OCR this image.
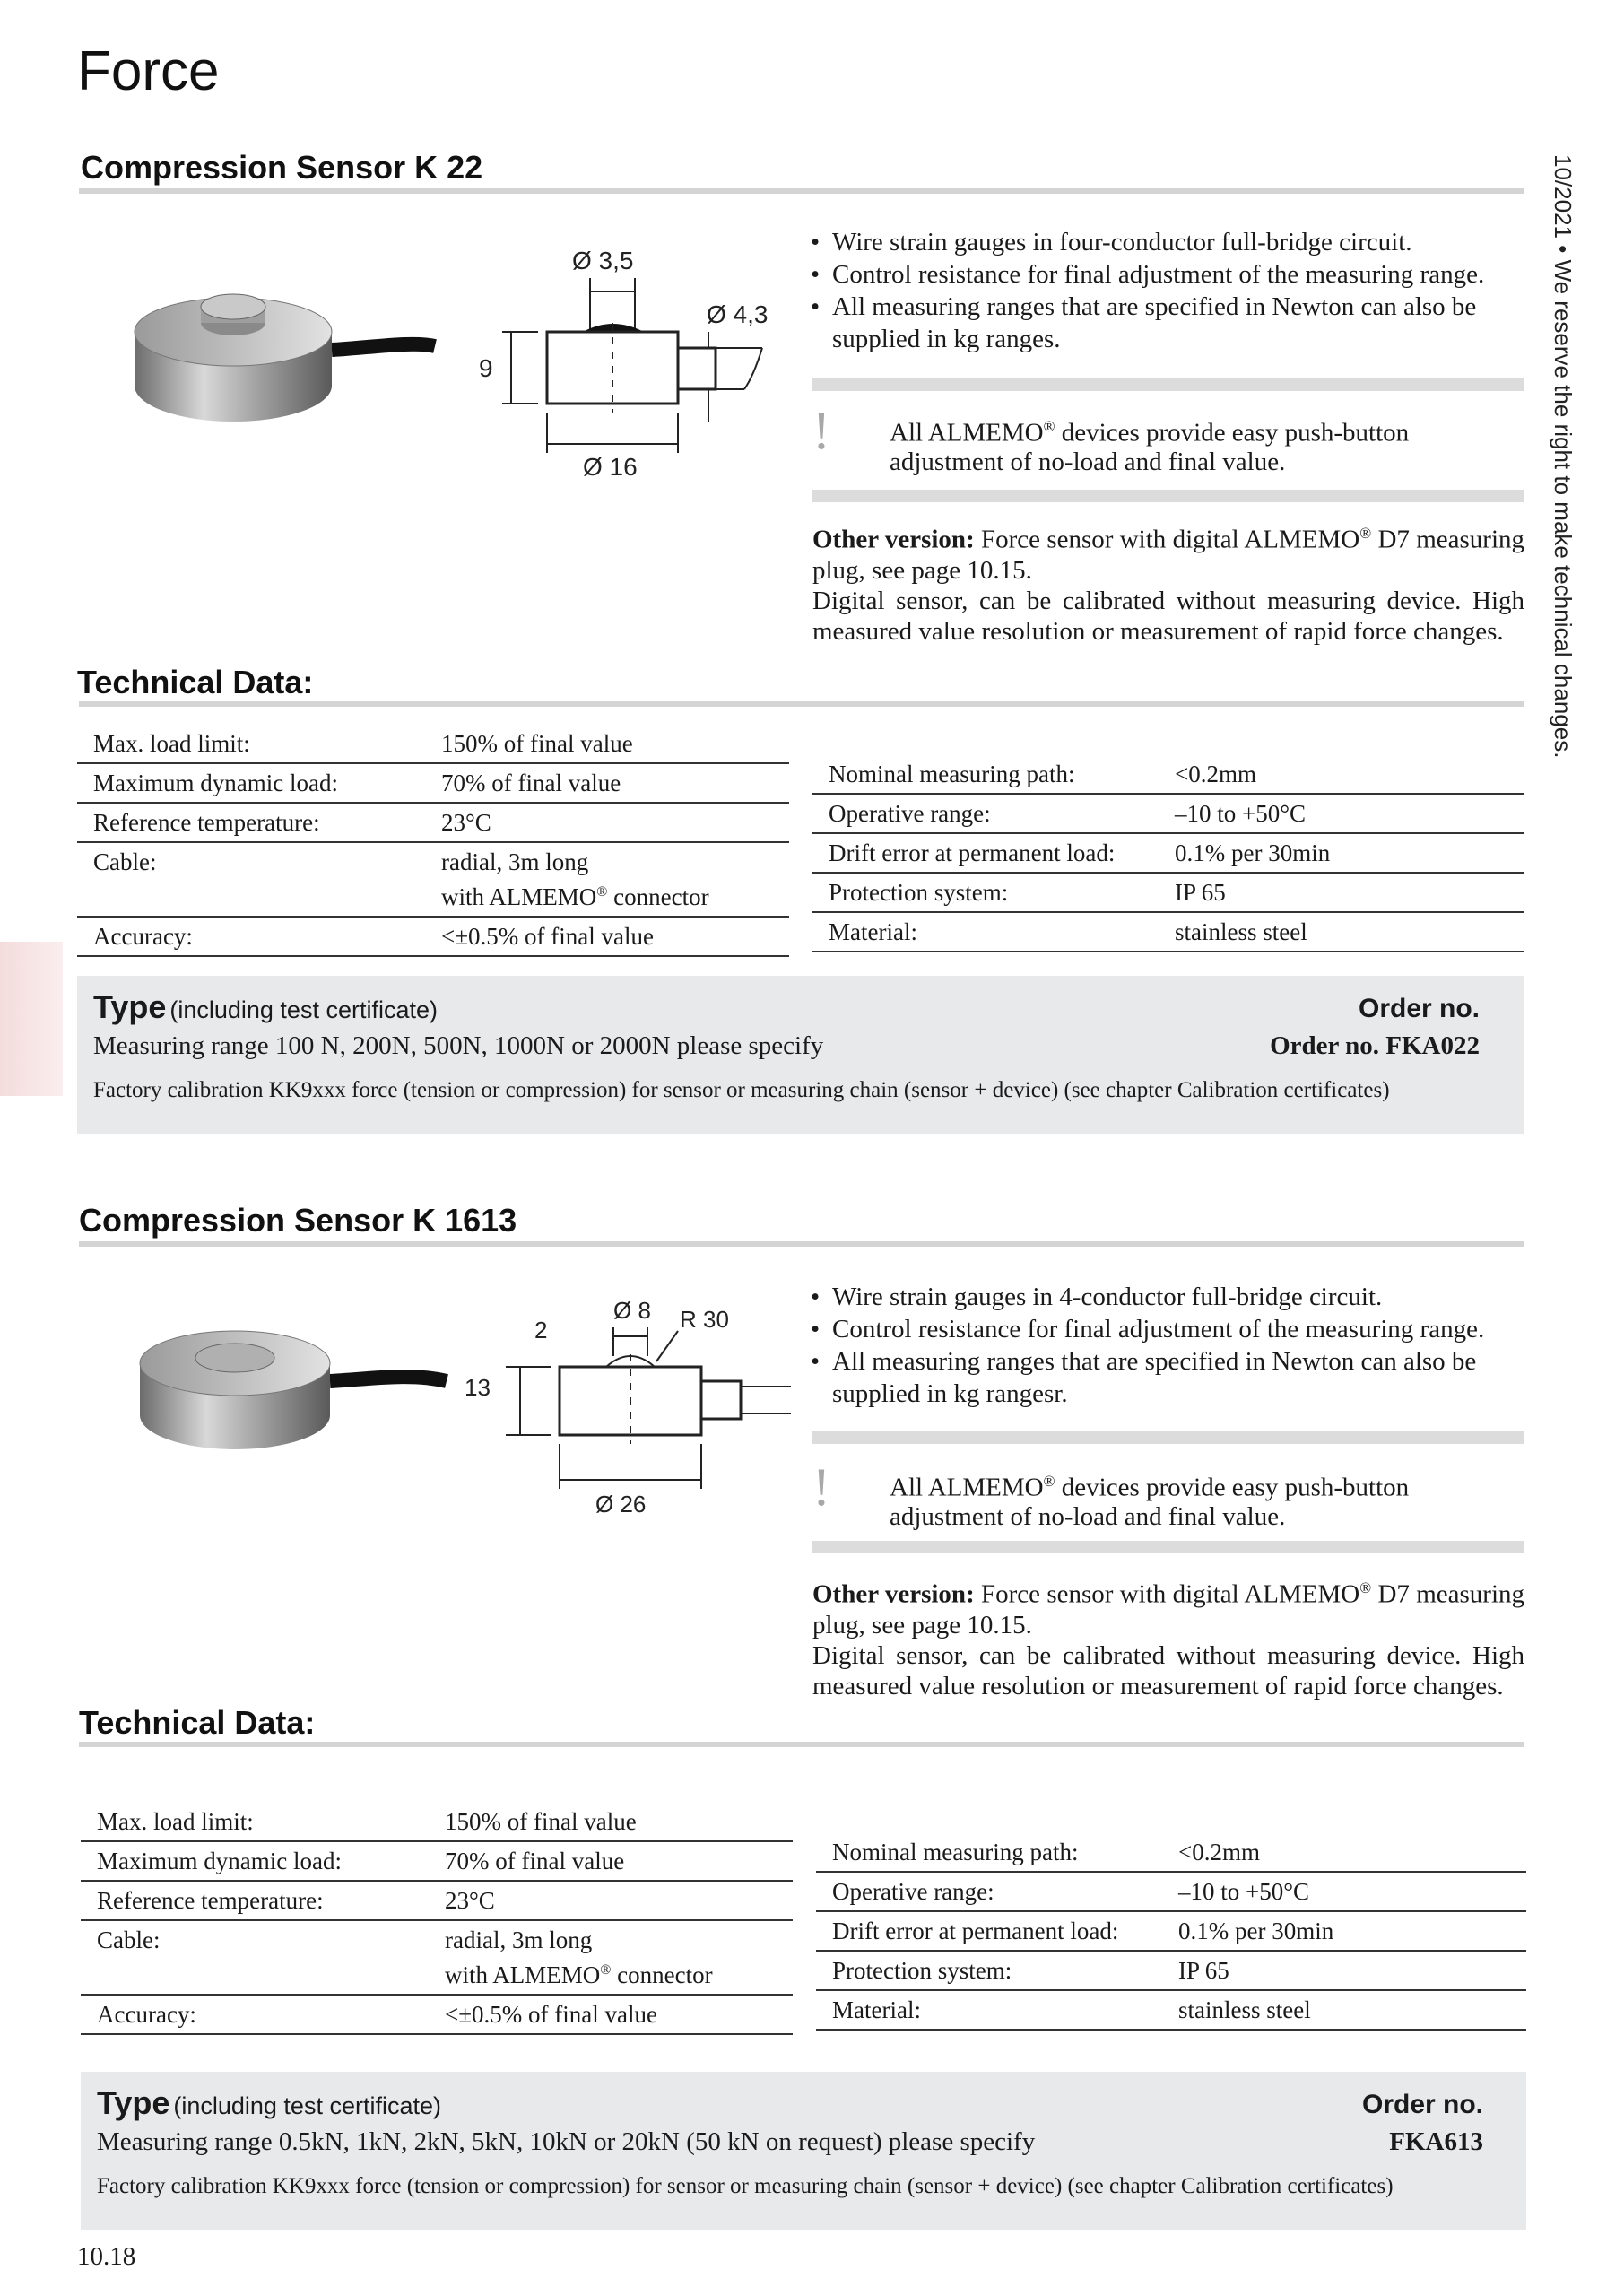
Force
10/2021 • We reserve the right to make technical changes.
Compression Sensor K 22
Ø 3,5
Ø 4,3
9
Ø 16
• Wire strain gauges in four-conductor full-bridge circuit.
• Control resistance for final adjustment of the measuring range.
• All measuring ranges that are specified in Newton can also be supplied in kg ranges.
! All ALMEMO® devices provide easy push-button adjustment of no-load and final value.
Other version: Force sensor with digital ALMEMO® D7 measuring plug, see page 10.15.
Digital sensor, can be calibrated without measuring device. High measured value resolution or measurement of rapid force changes.
Technical Data:
Max. load limit:	150% of final value
Maximum dynamic load:	70% of final value
Reference temperature:	23°C
Cable:	radial, 3m long
with ALMEMO® connector
Accuracy:	<±0.5% of final value
Nominal measuring path:	<0.2mm
Operative range:	–10 to +50°C
Drift error at permanent load:	0.1% per 30min
Protection system:	IP 65
Material:	stainless steel
Type (including test certificate)	Order no.
Measuring range 100 N, 200N, 500N, 1000N or 2000N please specify	Order no. FKA022
Factory calibration KK9xxx force (tension or compression) for sensor or measuring chain (sensor + device) (see chapter Calibration certificates)
Compression Sensor K 1613
Ø 8 R 30
2
13
Ø 26
• Wire strain gauges in 4-conductor full-bridge circuit.
• Control resistance for final adjustment of the measuring range.
• All measuring ranges that are specified in Newton can also be supplied in kg rangesr.
! All ALMEMO® devices provide easy push-button adjustment of no-load and final value.
Other version: Force sensor with digital ALMEMO® D7 measuring plug, see page 10.15.
Digital sensor, can be calibrated without measuring device. High measured value resolution or measurement of rapid force changes.
Technical Data:
Max. load limit:	150% of final value
Maximum dynamic load:	70% of final value
Reference temperature:	23°C
Cable:	radial, 3m long
with ALMEMO® connector
Accuracy:	<±0.5% of final value
Nominal measuring path:	<0.2mm
Operative range:	–10 to +50°C
Drift error at permanent load:	0.1% per 30min
Protection system:	IP 65
Material:	stainless steel
Type (including test certificate)	Order no.
Measuring range 0.5kN, 1kN, 2kN, 5kN, 10kN or 20kN (50 kN on request) please specify	FKA613
Factory calibration KK9xxx force (tension or compression) for sensor or measuring chain (sensor + device) (see chapter Calibration certificates)
10.18
